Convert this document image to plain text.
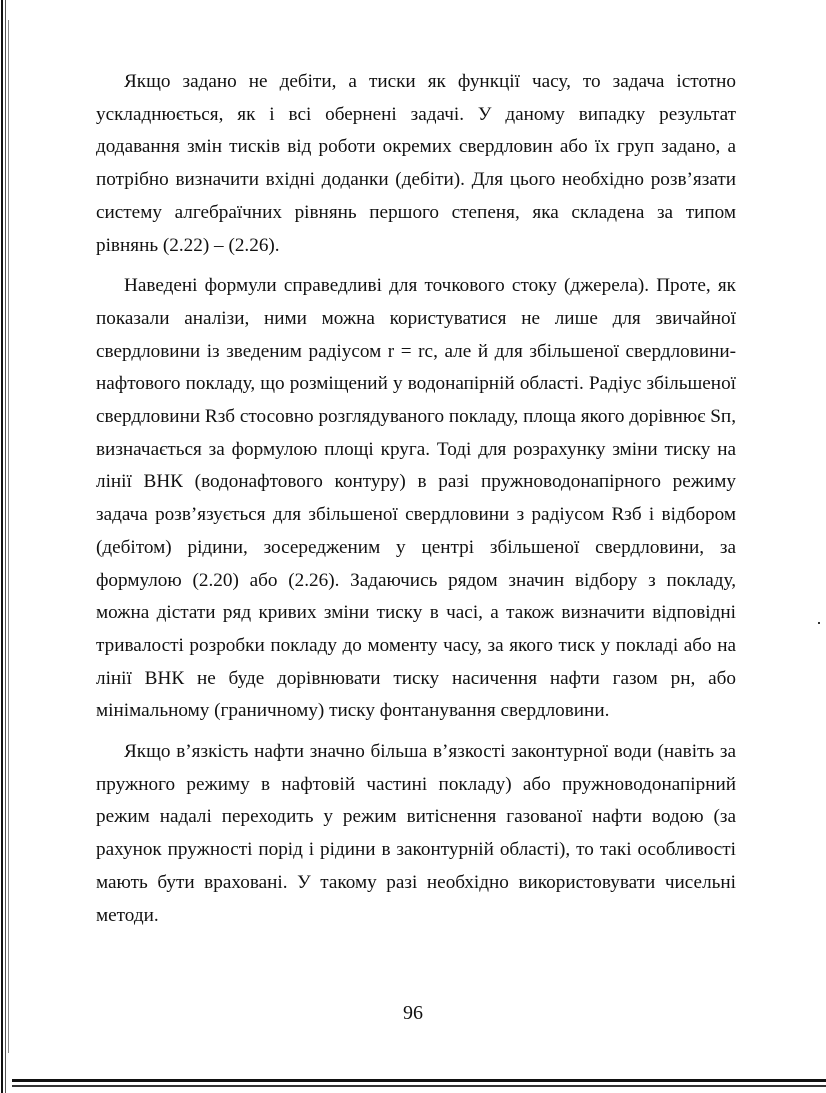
Якщо задано не дебіти, а тиски як функції часу, то задача істотно ускладнюється, як і всі обернені задачі. У даному випадку результат додавання змін тисків від роботи окремих свердловин або їх груп задано, а потрібно визначити вхідні доданки (дебіти). Для цього необхідно розв’язати систему алгебраїчних рівнянь першого степеня, яка складена за типом рівнянь (2.22) – (2.26).

Наведені формули справедливі для точкового стоку (джерела). Проте, як показали аналізи, ними можна користуватися не лише для звичайної свердловини із зведеним радіусом r = rс, але й для збільшеної свердловини-нафтового покладу, що розміщений у водонапірній області. Радіус збільшеної свердловини Rзб стосовно розглядуваного покладу, площа якого дорівнює Sп, визначається за формулою площі круга. Тоді для розрахунку зміни тиску на лінії ВНК (водонафтового контуру) в разі пружноводонапірного режиму задача розв’язується для збільшеної свердловини з радіусом Rзб і відбором (дебітом) рідини, зосередженим у центрі збільшеної свердловини, за формулою (2.20) або (2.26). Задаючись рядом значин відбору з покладу, можна дістати ряд кривих зміни тиску в часі, а також визначити відповідні тривалості розробки покладу до моменту часу, за якого тиск у покладі або на лінії ВНК не буде дорівнювати тиску насичення нафти газом pн, або мінімальному (граничному) тиску фонтанування свердловини.

Якщо в’язкість нафти значно більша в’язкості законтурної води (навіть за пружного режиму в нафтовій частині покладу) або пружноводонапірний режим надалі переходить у режим витіснення газованої нафти водою (за рахунок пружності порід і рідини в законтурній області), то такі особливості мають бути враховані. У такому разі необхідно використовувати чисельні методи.

96
